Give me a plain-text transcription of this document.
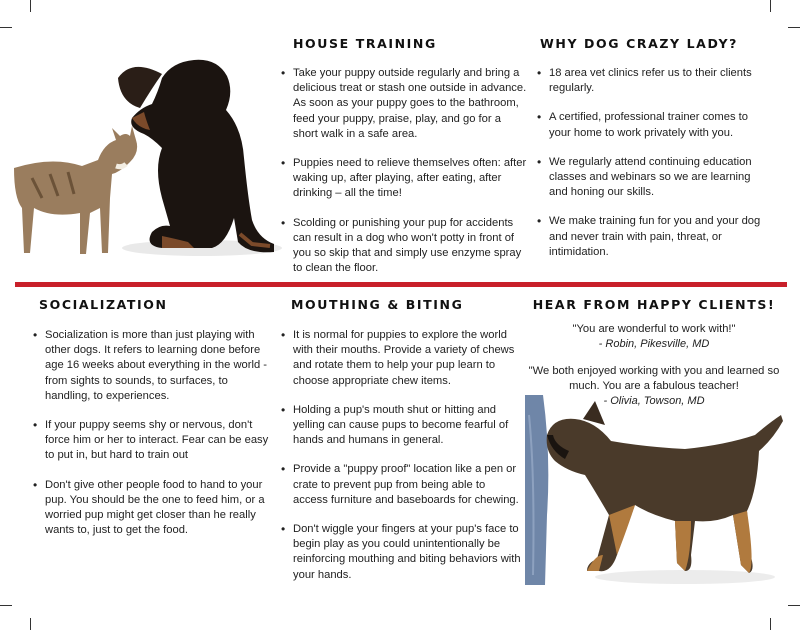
HOUSE TRAINING
• Take your puppy outside regularly and bring a delicious treat or stash one outside in advance. As soon as your puppy goes to the bathroom, feed your puppy, praise, play, and go for a short walk in a safe area.
• Puppies need to relieve themselves often: after waking up, after playing, after eating, after drinking – all the time!
• Scolding or punishing your pup for accidents can result in a dog who won't potty in front of you so skip that and simply use enzyme spray to clean the floor.
WHY DOG CRAZY LADY?
• 18 area vet clinics refer us to their clients regularly.
• A certified, professional trainer comes to your home to work privately with you.
• We regularly attend continuing education classes and webinars so we are learning and honing our skills.
• We make training fun for you and your dog and never train with pain, threat, or intimidation.
SOCIALIZATION
• Socialization is more than just playing with other dogs. It refers to learning done before age 16 weeks about everything in the world - from sights to sounds, to surfaces, to handling, to experiences.
• If your puppy seems shy or nervous, don't force him or her to interact. Fear can be easy to put in, but hard to train out
• Don't give other people food to hand to your pup. You should be the one to feed him, or a worried pup might get closer than he really wants to, just to get the food.
MOUTHING & BITING
• It is normal for puppies to explore the world with their mouths. Provide a variety of chews and rotate them to help your pup learn to choose appropriate chew items.
• Holding a pup's mouth shut or hitting and yelling can cause pups to become fearful of hands and humans in general.
• Provide a "puppy proof" location like a pen or crate to prevent pup from being able to access furniture and baseboards for chewing.
• Don't wiggle your fingers at your pup's face to begin play as you could unintentionally be reinforcing mouthing and biting behaviors with your hands.
HEAR FROM HAPPY CLIENTS!
"You are wonderful to work with!"
- Robin, Pikesville, MD
"We both enjoyed working with you and learned so much. You are a fabulous teacher!
- Olivia, Towson, MD
